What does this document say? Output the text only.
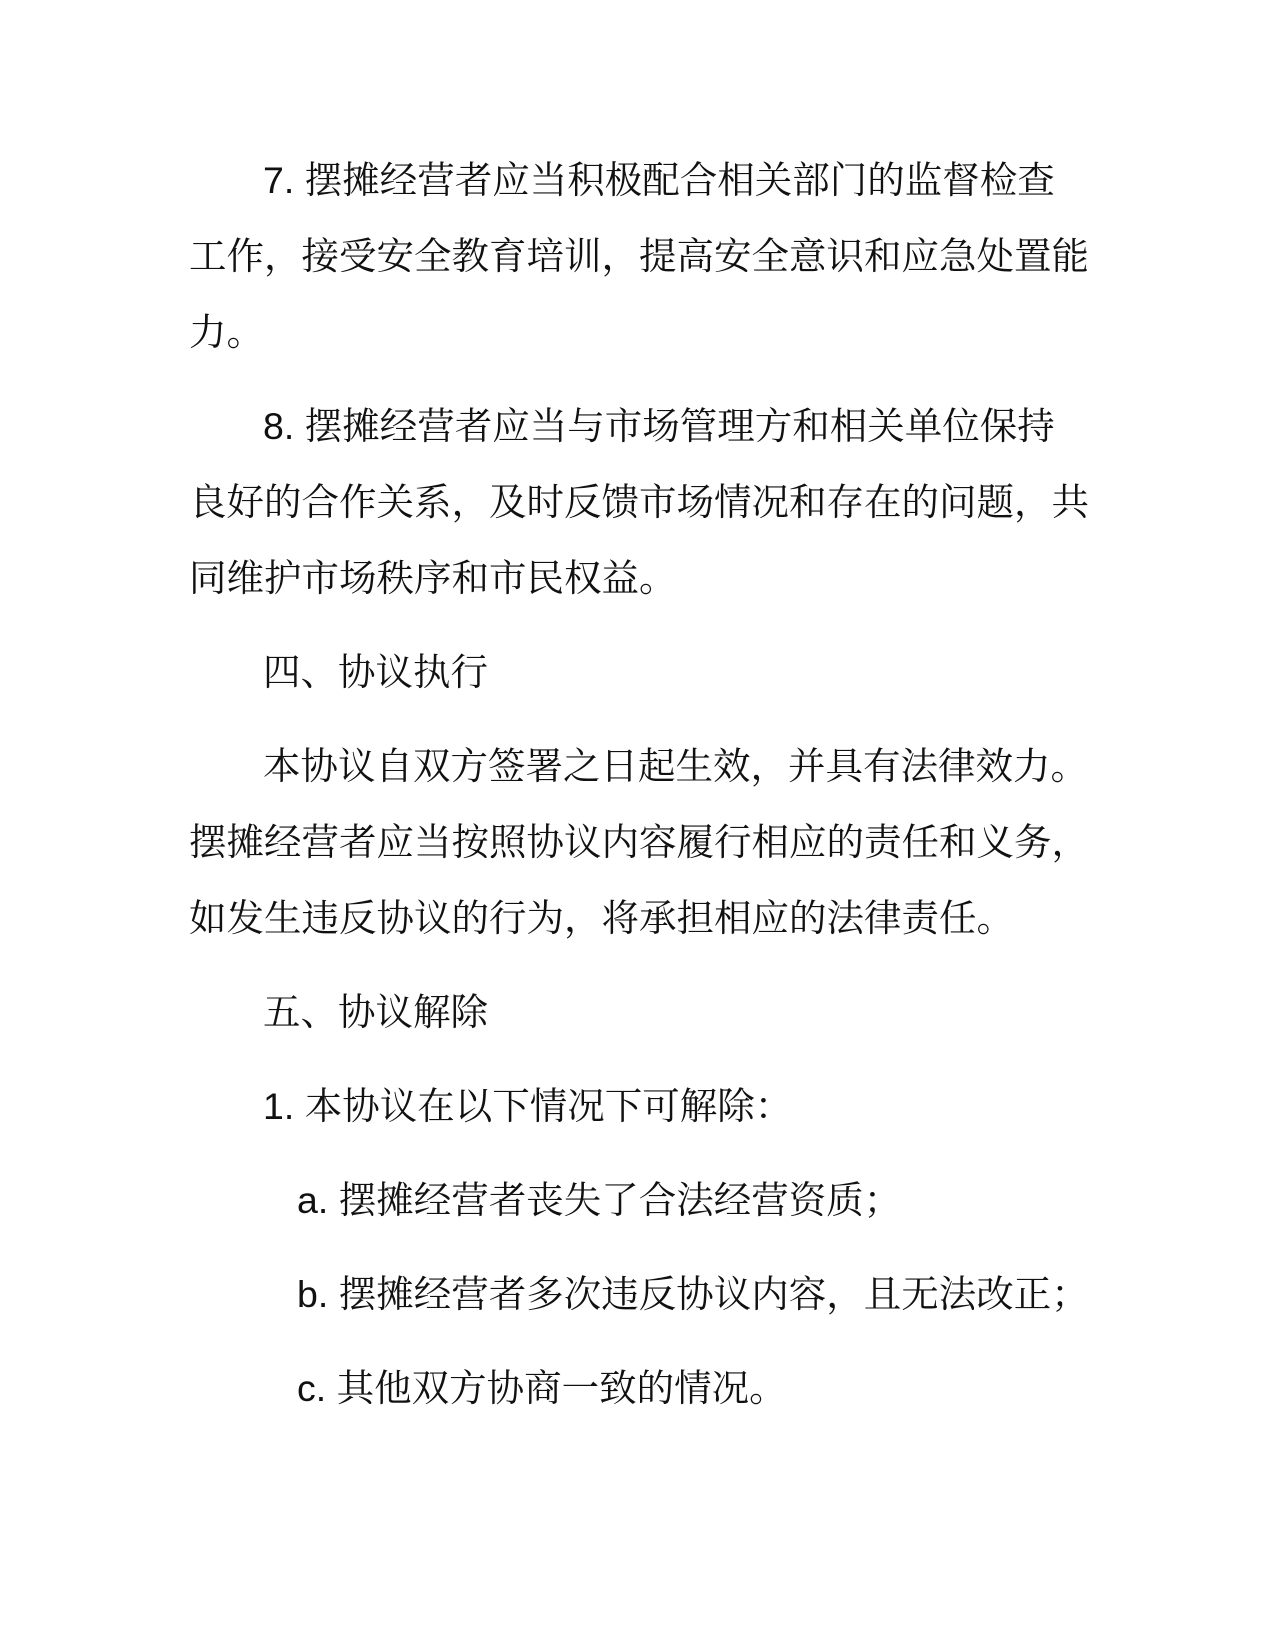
7. 摆摊经营者应当积极配合相关部门的监督检查工作，接受安全教育培训，提高安全意识和应急处置能力。

8. 摆摊经营者应当与市场管理方和相关单位保持良好的合作关系，及时反馈市场情况和存在的问题，共同维护市场秩序和市民权益。

四、协议执行

本协议自双方签署之日起生效，并具有法律效力。摆摊经营者应当按照协议内容履行相应的责任和义务，如发生违反协议的行为，将承担相应的法律责任。

五、协议解除

1. 本协议在以下情况下可解除：

a. 摆摊经营者丧失了合法经营资质；

b. 摆摊经营者多次违反协议内容，且无法改正；

c. 其他双方协商一致的情况。
